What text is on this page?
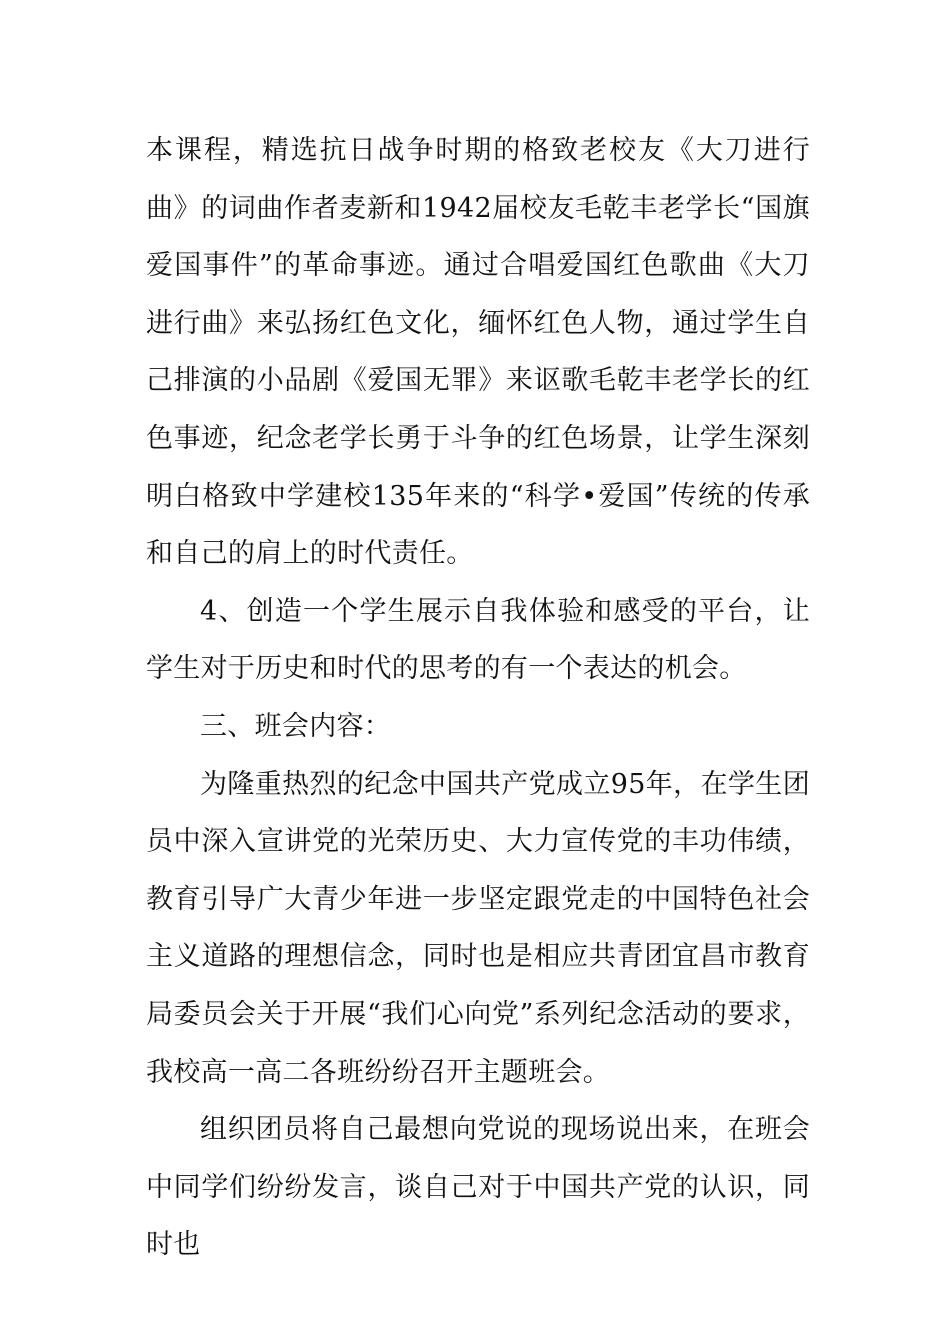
本课程，精选抗日战争时期的格致老校友《大刀进行曲》的词曲作者麦新和1942届校友毛乾丰老学长“国旗爱国事件”的革命事迹。通过合唱爱国红色歌曲《大刀进行曲》来弘扬红色文化，缅怀红色人物，通过学生自己排演的小品剧《爱国无罪》来讴歌毛乾丰老学长的红色事迹，纪念老学长勇于斗争的红色场景，让学生深刻明白格致中学建校135年来的“科学•爱国”传统的传承和自己的肩上的时代责任。

4、创造一个学生展示自我体验和感受的平台，让学生对于历史和时代的思考的有一个表达的机会。

三、班会内容：

为隆重热烈的纪念中国共产党成立95年，在学生团员中深入宣讲党的光荣历史、大力宣传党的丰功伟绩，教育引导广大青少年进一步坚定跟党走的中国特色社会主义道路的理想信念，同时也是相应共青团宜昌市教育局委员会关于开展“我们心向党”系列纪念活动的要求，我校高一高二各班纷纷召开主题班会。

组织团员将自己最想向党说的现场说出来，在班会中同学们纷纷发言，谈自己对于中国共产党的认识，同时也
